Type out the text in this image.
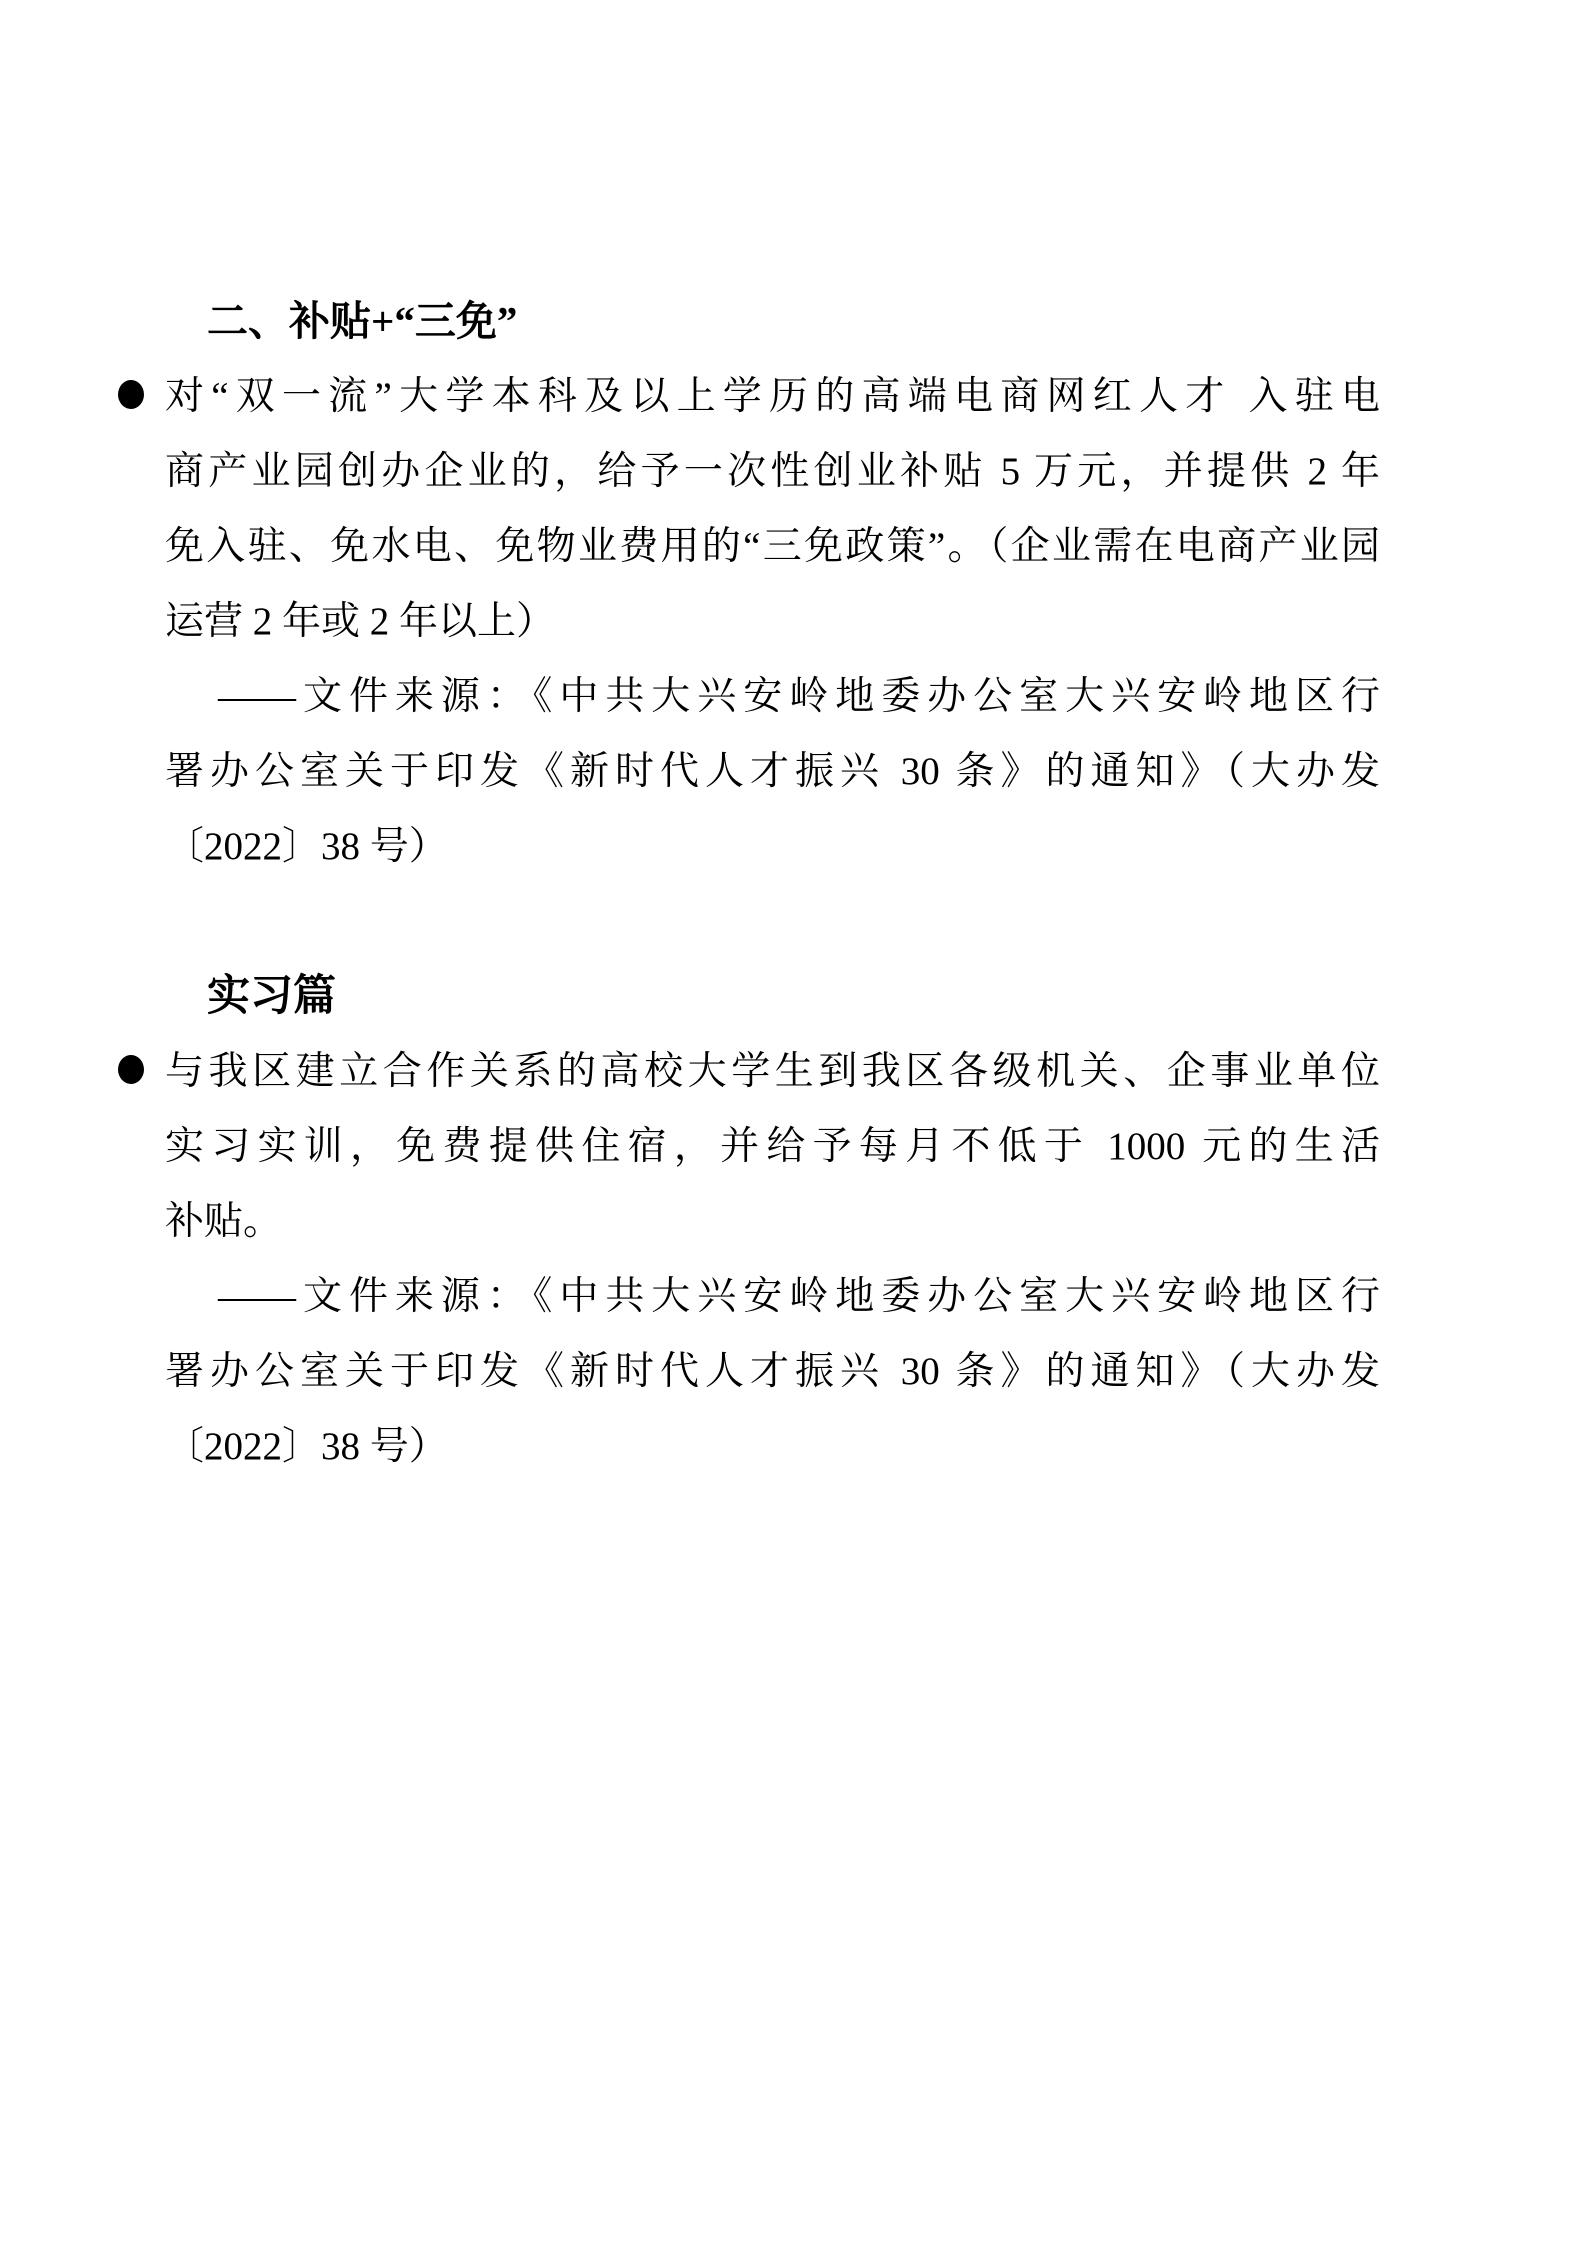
二、补贴+“三免”
对“双一流”大学本科及以上学历的高端电商网红人才 入驻电
商产业园创办企业的，给予一次性创业补贴 5 万元，并提供 2 年
免入驻、免水电、免物业费用的“三免政策”。（企业需在电商产业园
运营 2 年或 2 年以上）
——文件来源：《中共大兴安岭地委办公室大兴安岭地区行
署办公室关于印发《新时代人才振兴 30 条》的通知》（大办发
〔2022〕38 号）
实习篇
与我区建立合作关系的高校大学生到我区各级机关、企事业单位
实习实训，免费提供住宿，并给予每月不低于 1000 元的生活
补贴。
——文件来源：《中共大兴安岭地委办公室大兴安岭地区行
署办公室关于印发《新时代人才振兴 30 条》的通知》（大办发
〔2022〕38 号）
